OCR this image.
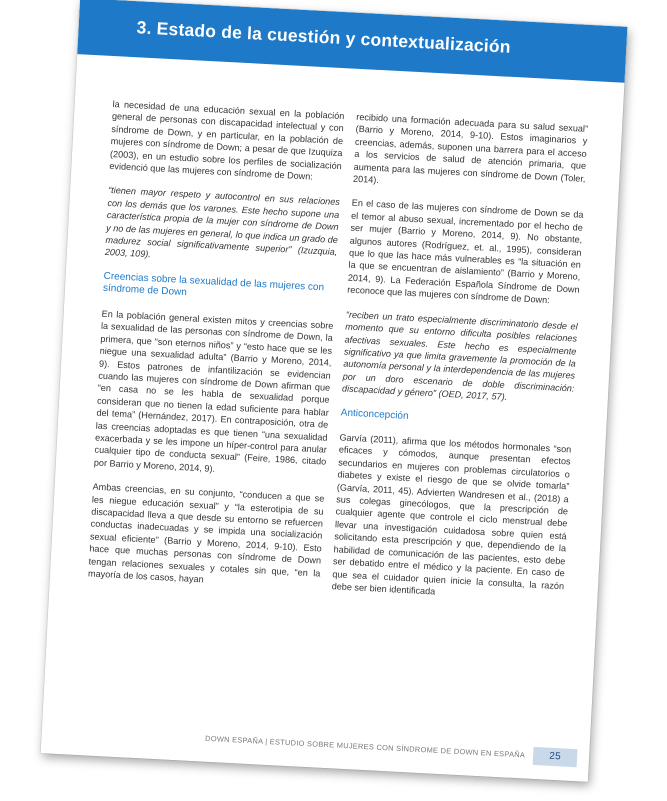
3. Estado de la cuestión y contextualización

la necesidad de una educación sexual en la población general de personas con discapacidad intelectual y con síndrome de Down, y en particular, en la población de mujeres con síndrome de Down; a pesar de que Izuquiza (2003), en un estudio sobre los perfiles de socialización evidenció que las mujeres con síndrome de Down:

“tienen mayor respeto y autocontrol en sus relaciones con los demás que los varones. Este hecho supone una característica propia de la mujer con síndrome de Down y no de las mujeres en general, lo que indica un grado de madurez social significativamente superior” (Izuzquia, 2003, 109).

Creencias sobre la sexualidad de las mujeres con síndrome de Down

En la población general existen mitos y creencias sobre la sexualidad de las personas con síndrome de Down, la primera, que “son eternos niños” y “esto hace que se les niegue una sexualidad adulta” (Barrio y Moreno, 2014, 9). Estos patrones de infantilización se evidencian cuando las mujeres con síndrome de Down afirman que “en casa no se les habla de sexualidad porque consideran que no tienen la edad suficiente para hablar del tema” (Hernández, 2017). En contraposición, otra de las creencias adoptadas es que tienen “una sexualidad exacerbada y se les impone un híper-control para anular cualquier tipo de conducta sexual” (Feire, 1986, citado por Barrio y Moreno, 2014, 9).

Ambas creencias, en su conjunto, “conducen a que se les niegue educación sexual” y “la esterotipia de su discapacidad lleva a que desde su entorno se refuercen conductas inadecuadas y se impida una socialización sexual eficiente” (Barrio y Moreno, 2014, 9-10). Esto hace que muchas personas con síndrome de Down tengan relaciones sexuales y cotales sin que, “en la mayoría de los casos, hayan

recibido una formación adecuada para su salud sexual” (Barrio y Moreno, 2014, 9-10). Estos imaginarios y creencias, además, suponen una barrera para el acceso a los servicios de salud de atención primaria, que aumenta para las mujeres con síndrome de Down (Toler, 2014).

En el caso de las mujeres con síndrome de Down se da el temor al abuso sexual, incrementado por el hecho de ser mujer (Barrio y Moreno, 2014, 9). No obstante, algunos autores (Rodríguez, et. al., 1995), consideran que lo que las hace más vulnerables es “la situación en la que se encuentran de aislamiento” (Barrio y Moreno, 2014, 9). La Federación Española Síndrome de Down reconoce que las mujeres con síndrome de Down:

“reciben un trato especialmente discriminatorio desde el momento que su entorno dificulta posibles relaciones afectivas sexuales. Este hecho es especialmente significativo ya que limita gravemente la promoción de la autonomía personal y la interdependencia de las mujeres por un doro escenario de doble discriminación: discapacidad y género” (OED, 2017, 57).

Anticoncepción

Garvía (2011), afirma que los métodos hormonales “son eficaces y cómodos, aunque presentan efectos secundarios en mujeres con problemas circulatorios o diabetes y existe el riesgo de que se olvide tomarla” (Garvía, 2011, 45). Advierten Wandresen et al., (2018) a sus colegas ginecólogos, que la prescripción de cualquier agente que controle el ciclo menstrual debe llevar una investigación cuidadosa sobre quien está solicitando esta prescripción y que, dependiendo de la habilidad de comunicación de las pacientes, esto debe ser debatido entre el médico y la paciente. En caso de que sea el cuidador quien inicie la consulta, la razón debe ser bien identificada

DOWN ESPAÑA | ESTUDIO SOBRE MUJERES CON SÍNDROME DE DOWN EN ESPAÑA	25
